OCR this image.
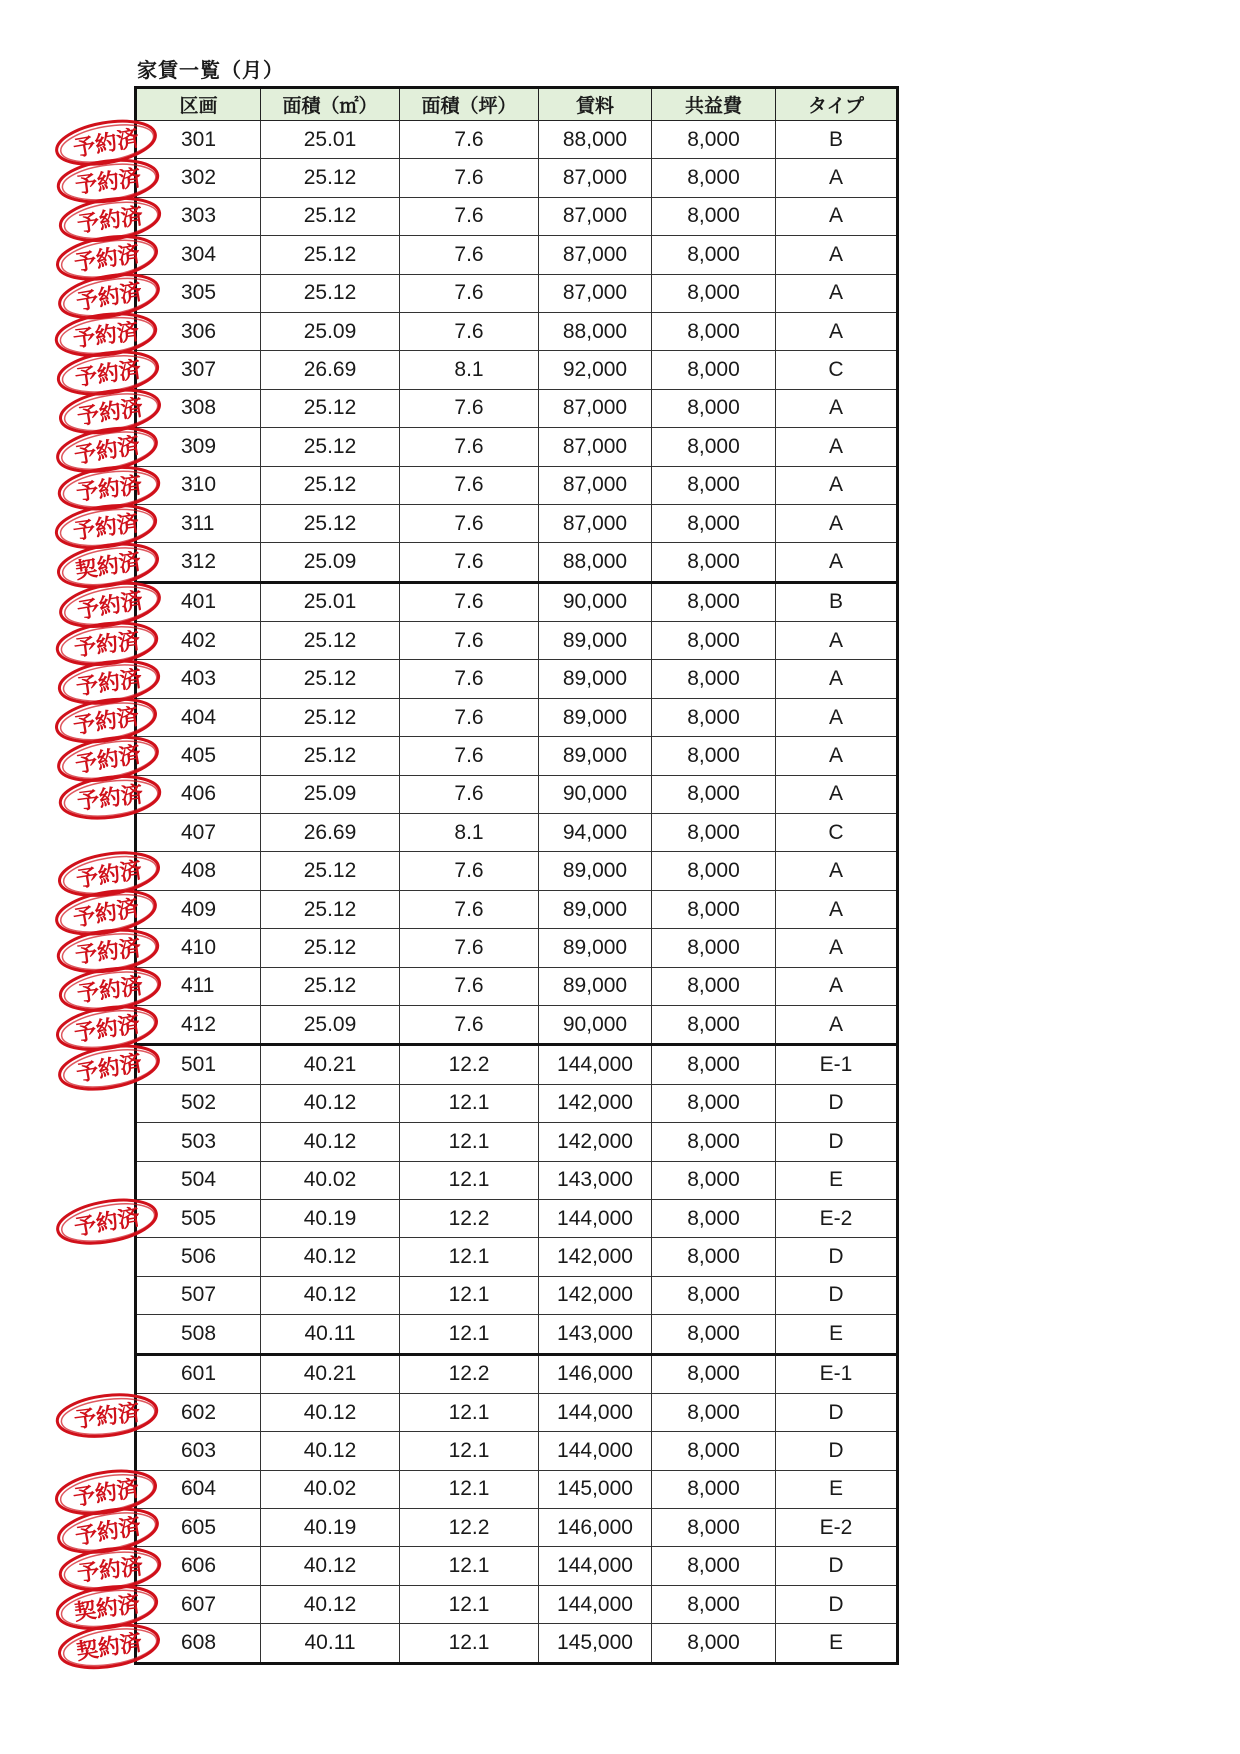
家賃一覧（月）
区画	面積（㎡）	面積（坪）	賃料	共益費	タイプ
301	25.01	7.6	88,000	8,000	B
302	25.12	7.6	87,000	8,000	A
303	25.12	7.6	87,000	8,000	A
304	25.12	7.6	87,000	8,000	A
305	25.12	7.6	87,000	8,000	A
306	25.09	7.6	88,000	8,000	A
307	26.69	8.1	92,000	8,000	C
308	25.12	7.6	87,000	8,000	A
309	25.12	7.6	87,000	8,000	A
310	25.12	7.6	87,000	8,000	A
311	25.12	7.6	87,000	8,000	A
312	25.09	7.6	88,000	8,000	A
401	25.01	7.6	90,000	8,000	B
402	25.12	7.6	89,000	8,000	A
403	25.12	7.6	89,000	8,000	A
404	25.12	7.6	89,000	8,000	A
405	25.12	7.6	89,000	8,000	A
406	25.09	7.6	90,000	8,000	A
407	26.69	8.1	94,000	8,000	C
408	25.12	7.6	89,000	8,000	A
409	25.12	7.6	89,000	8,000	A
410	25.12	7.6	89,000	8,000	A
411	25.12	7.6	89,000	8,000	A
412	25.09	7.6	90,000	8,000	A
501	40.21	12.2	144,000	8,000	E-1
502	40.12	12.1	142,000	8,000	D
503	40.12	12.1	142,000	8,000	D
504	40.02	12.1	143,000	8,000	E
505	40.19	12.2	144,000	8,000	E-2
506	40.12	12.1	142,000	8,000	D
507	40.12	12.1	142,000	8,000	D
508	40.11	12.1	143,000	8,000	E
601	40.21	12.2	146,000	8,000	E-1
602	40.12	12.1	144,000	8,000	D
603	40.12	12.1	144,000	8,000	D
604	40.02	12.1	145,000	8,000	E
605	40.19	12.2	146,000	8,000	E-2
606	40.12	12.1	144,000	8,000	D
607	40.12	12.1	144,000	8,000	D
608	40.11	12.1	145,000	8,000	E
予約済
予約済
予約済
予約済
予約済
予約済
予約済
予約済
予約済
予約済
予約済
契約済
予約済
予約済
予約済
予約済
予約済
予約済
予約済
予約済
予約済
予約済
予約済
予約済
予約済
予約済
予約済
予約済
予約済
契約済
契約済
